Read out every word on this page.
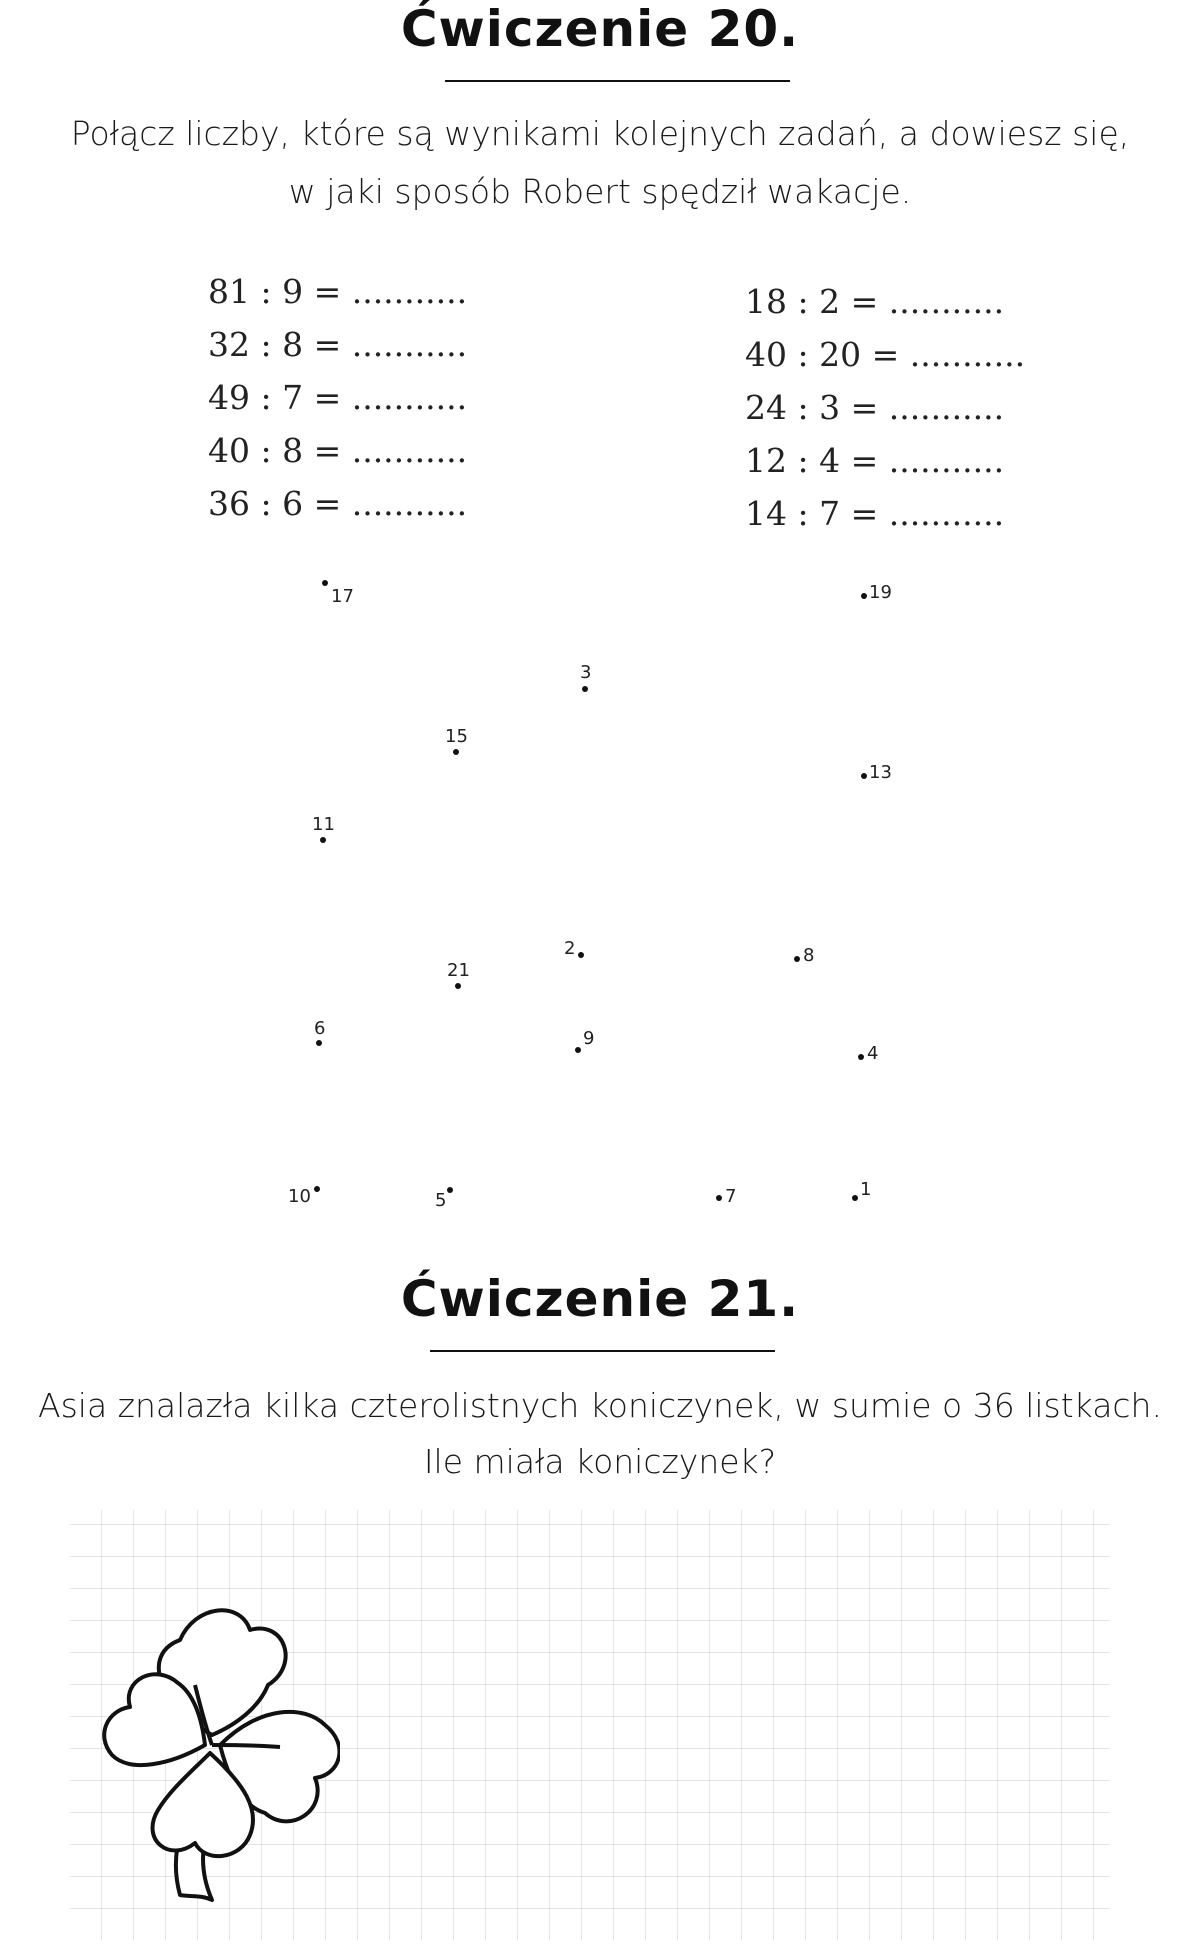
Ćwiczenie 20.
Połącz liczby, które są wynikami kolejnych zadań, a dowiesz się,
w jaki sposób Robert spędził wakacje.
81 : 9 = ...........
32 : 8 = ...........
49 : 7 = ...........
40 : 8 = ...........
36 : 6 = ...........
18 : 2 = ...........
40 : 20 = ...........
24 : 3 = ...........
12 : 4 = ...........
14 : 7 = ...........
17	19
3
15
13
11
2	8
21
6	9
4
10	5	7	1
Ćwiczenie 21.
Asia znalazła kilka czterolistnych koniczynek, w sumie o 36 listkach.
Ile miała koniczynek?
